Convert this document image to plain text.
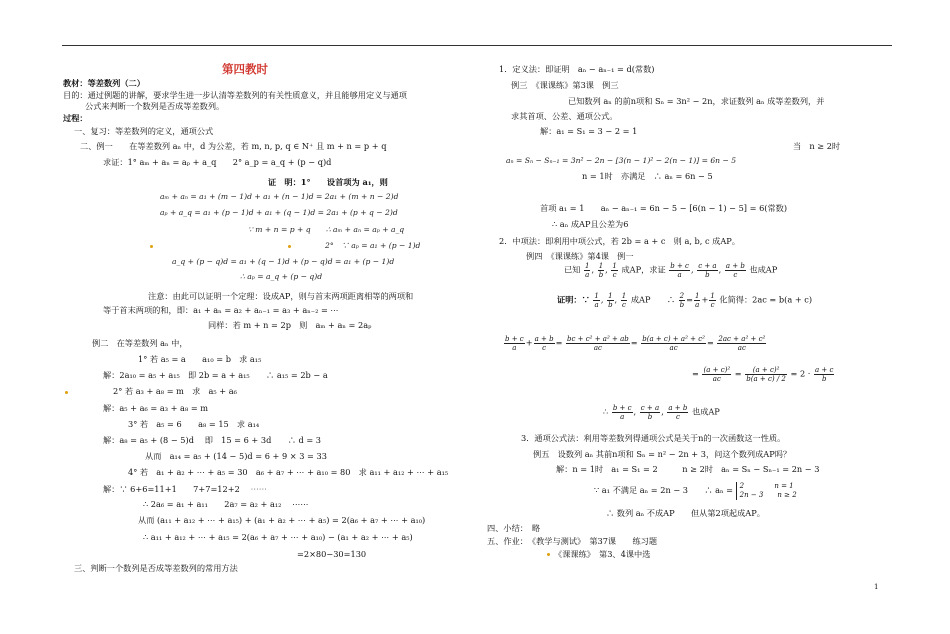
第四教时
教材：等差数列（二）
目的：通过例题的讲解，要求学生进一步认清等差数列的有关性质意义，并且能够用定义与通项
公式来判断一个数列是否成等差数列。
过程：
一、复习：等差数列的定义，通项公式
二、例一　　在等差数列 aₙ 中，d 为公差，若 m, n, p, q ∈ N⁺ 且 m + n = p + q
求证：1° aₘ + aₙ = aₚ + a_q　　2° a_p = a_q + (p − q)d
证　明：1°　　设首项为 a₁，则
aₘ + aₙ = a₁ + (m − 1)d + a₁ + (n − 1)d = 2a₁ + (m + n − 2)d
aₚ + a_q = a₁ + (p − 1)d + a₁ + (q − 1)d = 2a₁ + (p + q − 2)d
∵ m + n = p + q　　∴ aₘ + aₙ = aₚ + a_q
2°　∵ aₚ = a₁ + (p − 1)d
a_q + (p − q)d = a₁ + (q − 1)d + (p − q)d = a₁ + (p − 1)d
∴ aₚ = a_q + (p − q)d
注意：由此可以证明一个定理：设成AP，则与首末两项距离相等的两项和
等于首末两项的和，即：a₁ + aₙ = a₂ + aₙ₋₁ = a₃ + aₙ₋₂ = ⋯
同样：若 m + n = 2p　则　aₘ + aₙ = 2aₚ
例二　在等差数列 aₙ 中，
1° 若 a₅ = a　　a₁₀ = b　求 a₁₅
解：2a₁₀ = a₅ + a₁₅　即 2b = a + a₁₅　　∴ a₁₅ = 2b − a
2° 若 a₃ + a₈ = m　求　a₅ + a₆
解：a₅ + a₆ = a₃ + a₈ = m
3° 若　a₅ = 6　　a₈ = 15　求 a₁₄
解：a₈ = a₅ + (8 − 5)d　 即　15 = 6 + 3d　　∴ d = 3
从而　a₁₄ = a₅ + (14 − 5)d = 6 + 9 × 3 = 33
4° 若　a₁ + a₂ + ⋯ + a₅ = 30　a₆ + a₇ + ⋯ + a₁₀ = 80　求 a₁₁ + a₁₂ + ⋯ + a₁₅
解：∵ 6+6=11+1　　7+7=12+2　 ⋯⋯
∴ 2a₆ = a₁ + a₁₁　　2a₇ = a₂ + a₁₂　 ⋯⋯
从而 (a₁₁ + a₁₂ + ⋯ + a₁₅) + (a₁ + a₂ + ⋯ + a₅) = 2(a₆ + a₇ + ⋯ + a₁₀)
∴ a₁₁ + a₁₂ + ⋯ + a₁₅ = 2(a₆ + a₇ + ⋯ + a₁₀) − (a₁ + a₂ + ⋯ + a₅)
=2×80−30=130
三、判断一个数列是否成等差数列的常用方法
1．定义法：即证明　aₙ − aₙ₋₁ = d(常数)
例三　《课课练》第3课　例三
已知数列 aₙ 的前n项和 Sₙ = 3n² − 2n，求证数列 aₙ 成等差数列，并
求其首项、公差、通项公式。
解：a₁ = S₁ = 3 − 2 = 1
当　n ≥ 2时
aₙ = Sₙ − Sₙ₋₁ = 3n² − 2n − [3(n − 1)² − 2(n − 1)] = 6n − 5
n = 1时　亦满足　∴ aₙ = 6n − 5
首项 a₁ = 1　　aₙ − aₙ₋₁ = 6n − 5 − [6(n − 1) − 5] = 6(常数)
∴ aₙ 成AP且公差为6
2．中项法：即利用中项公式，若 2b = a + c　则 a, b, c 成AP。
例四　《课课练》第4课　例一
已知 $\frac{1}{a}$ , $\frac{1}{b}$ , $\frac{1}{c}$ 成AP，求证 $\frac{b + c}{a}$ , $\frac{c + a}{b}$ , $\frac{a + b}{c}$ 也成AP
证明：∵ $\frac{1}{a}$ , $\frac{1}{b}$ , $\frac{1}{c}$ 成AP　　∴ $\frac{2}{b} = \frac{1}{a} + \frac{1}{c}$ 化简得：2ac = b(a + c)
$\frac{b + c}{a} + \frac{a + b}{c} = \frac{\text{bc + c² + a² + ab}}{ac} = \frac{\text{b(a + c) + a² + c²}}{ac} = \frac{\text{2ac + a² + c²}}{ac}$
= $\frac{\text{(a + c)²}}{ac} = \frac{\text{(a + c)²}}{b(a + c) / 2} = 2 \cdot \frac{a + c}{b}$
∴ $\frac{b + c}{a}$ , $\frac{c + a}{b}$ , $\frac{a + b}{c}$ 也成AP
3．通项公式法：利用等差数列得通项公式是关于n的一次函数这一性质。
例五　设数列 aₙ 其前n项和 Sₙ = n² − 2n + 3，问这个数列成AP吗？
解：n = 1时　a₁ = S₁ = 2　　　n ≥ 2时　aₙ = Sₙ − Sₙ₋₁ = 2n − 3
∵ a₁ 不满足 aₙ = 2n − 3　　∴ aₙ = 2　　　　 n = 1
2n − 3　　n ≥ 2
∴ 数列 aₙ 不成AP　　但从第2项起成AP。
四、小结：　略
五、作业：　《教学与测试》　第37课　　练习题
《课课练》　第3、4课中选
1
